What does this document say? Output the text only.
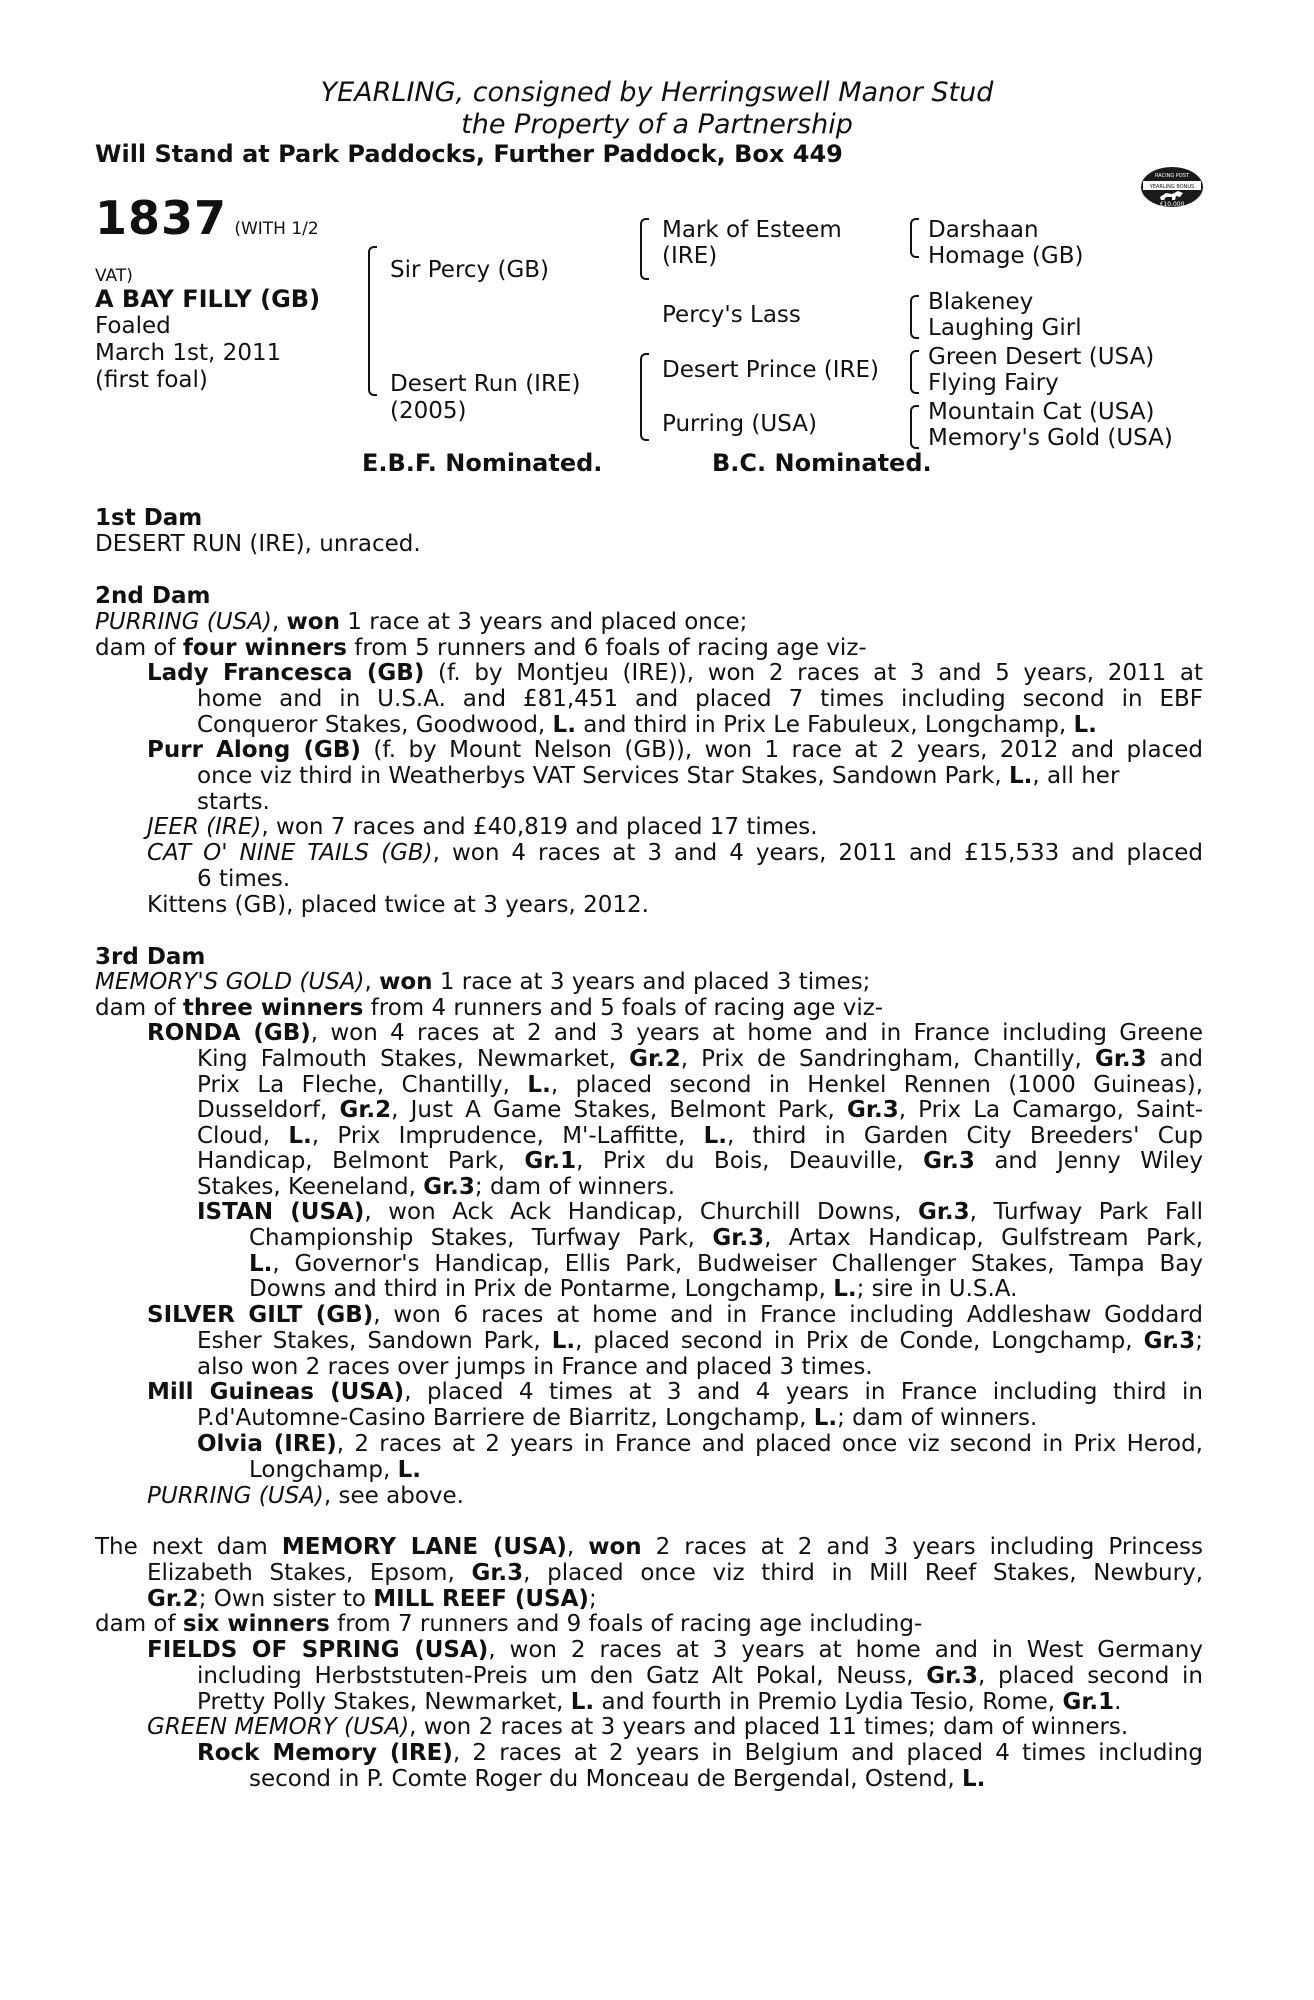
YEARLING, consigned by Herringswell Manor Stud
the Property of a Partnership
Will Stand at Park Paddocks, Further Paddock, Box 449
RACING POST
YEARLING BONUS
£10,000
1837 (WITH 1/2
VAT)
A BAY FILLY (GB)
Foaled
March 1st, 2011
(first foal)
Sir Percy (GB)
Desert Run (IRE)
(2005)
Mark of Esteem
(IRE)
Percy's Lass
Desert Prince (IRE)
Purring (USA)
Darshaan
Homage (GB)
Blakeney
Laughing Girl
Green Desert (USA)
Flying Fairy
Mountain Cat (USA)
Memory's Gold (USA)
E.B.F. Nominated.	B.C. Nominated.
1st Dam
DESERT RUN (IRE), unraced.
2nd Dam
PURRING (USA), won 1 race at 3 years and placed once;
dam of four winners from 5 runners and 6 foals of racing age viz-
Lady Francesca (GB) (f. by Montjeu (IRE)), won 2 races at 3 and 5 years, 2011 at
home and in U.S.A. and £81,451 and placed 7 times including second in EBF
Conqueror Stakes, Goodwood, L. and third in Prix Le Fabuleux, Longchamp, L.
Purr Along (GB) (f. by Mount Nelson (GB)), won 1 race at 2 years, 2012 and placed
once viz third in Weatherbys VAT Services Star Stakes, Sandown Park, L., all her
starts.
JEER (IRE), won 7 races and £40,819 and placed 17 times.
CAT O' NINE TAILS (GB), won 4 races at 3 and 4 years, 2011 and £15,533 and placed
6 times.
Kittens (GB), placed twice at 3 years, 2012.
3rd Dam
MEMORY'S GOLD (USA), won 1 race at 3 years and placed 3 times;
dam of three winners from 4 runners and 5 foals of racing age viz-
RONDA (GB), won 4 races at 2 and 3 years at home and in France including Greene
King Falmouth Stakes, Newmarket, Gr.2, Prix de Sandringham, Chantilly, Gr.3 and
Prix La Fleche, Chantilly, L., placed second in Henkel Rennen (1000 Guineas),
Dusseldorf, Gr.2, Just A Game Stakes, Belmont Park, Gr.3, Prix La Camargo, Saint-
Cloud, L., Prix Imprudence, M'-Laffitte, L., third in Garden City Breeders' Cup
Handicap, Belmont Park, Gr.1, Prix du Bois, Deauville, Gr.3 and Jenny Wiley
Stakes, Keeneland, Gr.3; dam of winners.
ISTAN (USA), won Ack Ack Handicap, Churchill Downs, Gr.3, Turfway Park Fall
Championship Stakes, Turfway Park, Gr.3, Artax Handicap, Gulfstream Park,
L., Governor's Handicap, Ellis Park, Budweiser Challenger Stakes, Tampa Bay
Downs and third in Prix de Pontarme, Longchamp, L.; sire in U.S.A.
SILVER GILT (GB), won 6 races at home and in France including Addleshaw Goddard
Esher Stakes, Sandown Park, L., placed second in Prix de Conde, Longchamp, Gr.3;
also won 2 races over jumps in France and placed 3 times.
Mill Guineas (USA), placed 4 times at 3 and 4 years in France including third in
P.d'Automne-Casino Barriere de Biarritz, Longchamp, L.; dam of winners.
Olvia (IRE), 2 races at 2 years in France and placed once viz second in Prix Herod,
Longchamp, L.
PURRING (USA), see above.
The next dam MEMORY LANE (USA), won 2 races at 2 and 3 years including Princess
Elizabeth Stakes, Epsom, Gr.3, placed once viz third in Mill Reef Stakes, Newbury,
Gr.2; Own sister to MILL REEF (USA);
dam of six winners from 7 runners and 9 foals of racing age including-
FIELDS OF SPRING (USA), won 2 races at 3 years at home and in West Germany
including Herbststuten-Preis um den Gatz Alt Pokal, Neuss, Gr.3, placed second in
Pretty Polly Stakes, Newmarket, L. and fourth in Premio Lydia Tesio, Rome, Gr.1.
GREEN MEMORY (USA), won 2 races at 3 years and placed 11 times; dam of winners.
Rock Memory (IRE), 2 races at 2 years in Belgium and placed 4 times including
second in P. Comte Roger du Monceau de Bergendal, Ostend, L.
